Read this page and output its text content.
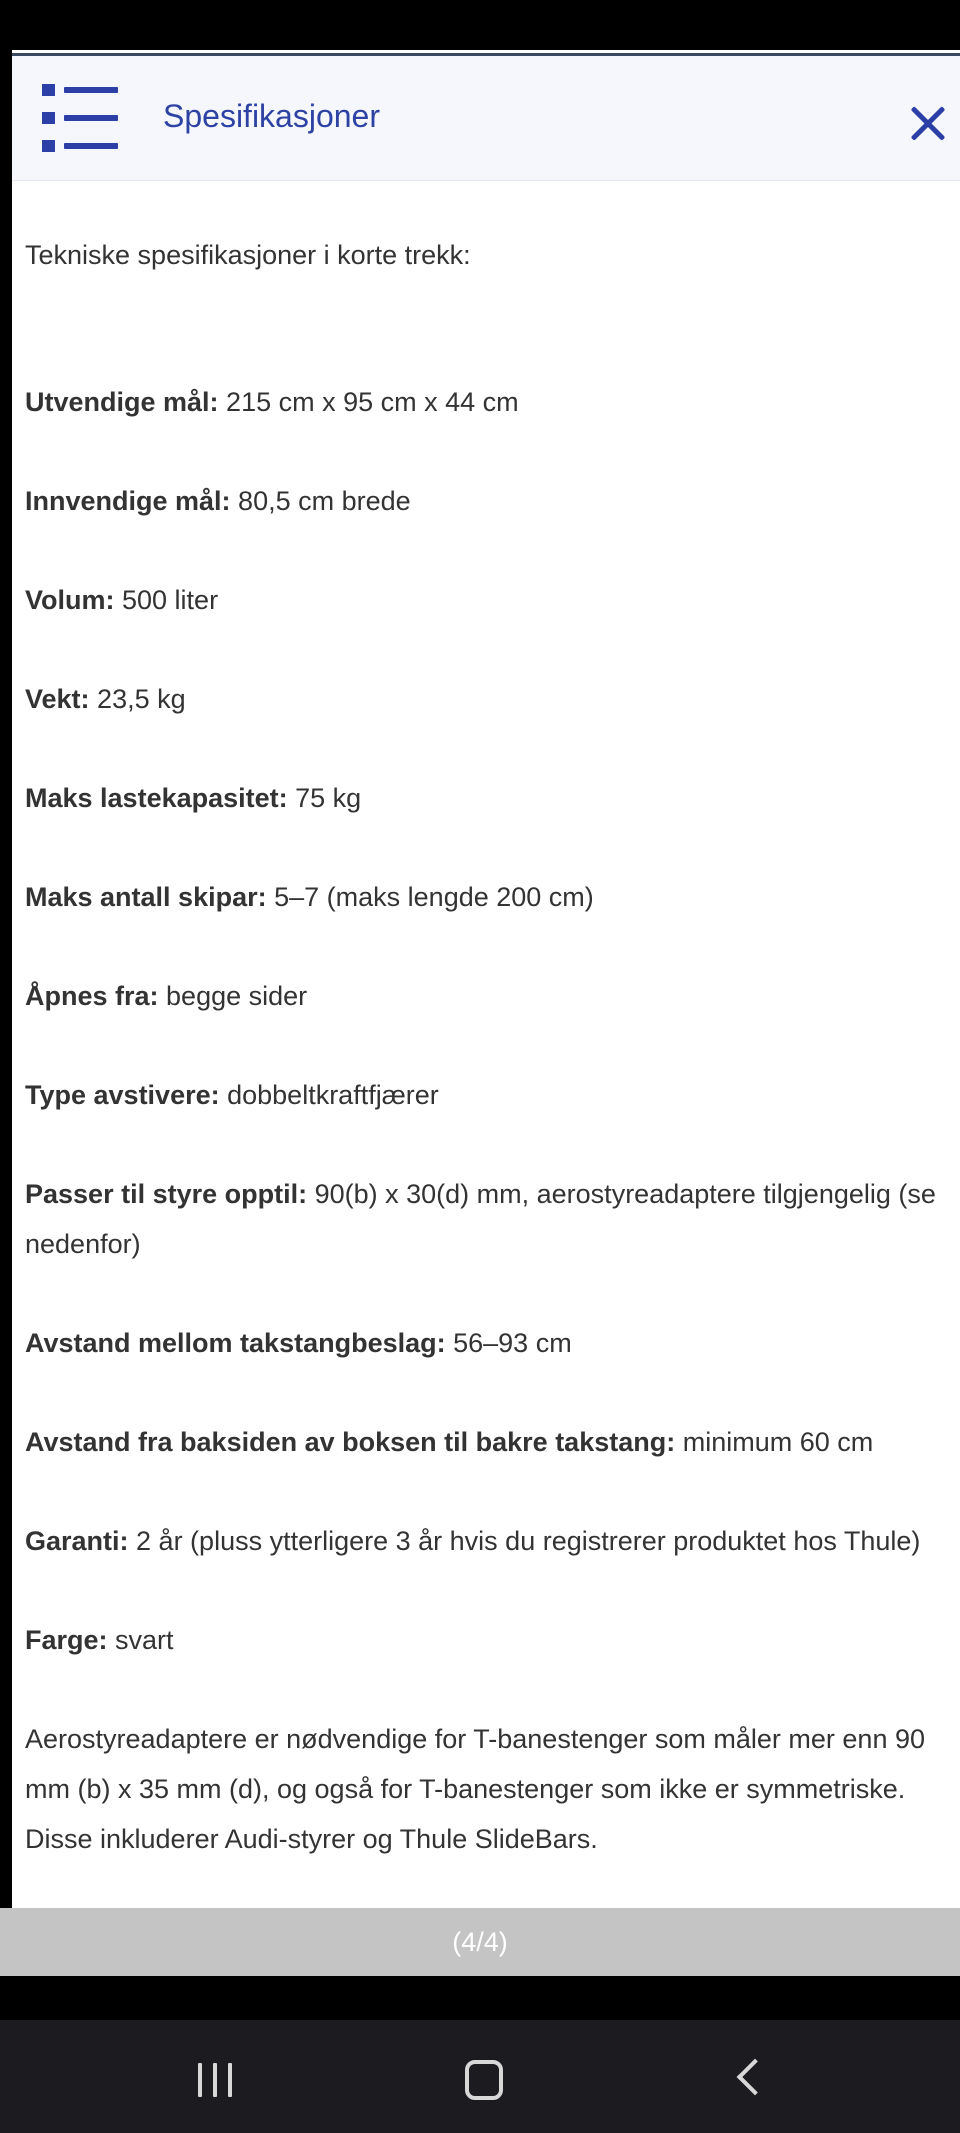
Spesifikasjoner

Tekniske spesifikasjoner i korte trekk:

Utvendige mål: 215 cm x 95 cm x 44 cm

Innvendige mål: 80,5 cm brede

Volum: 500 liter

Vekt: 23,5 kg

Maks lastekapasitet: 75 kg

Maks antall skipar: 5–7 (maks lengde 200 cm)

Åpnes fra: begge sider

Type avstivere: dobbeltkraftfjærer

Passer til styre opptil: 90(b) x 30(d) mm, aerostyreadaptere tilgjengelig (se nedenfor)

Avstand mellom takstangbeslag: 56–93 cm

Avstand fra baksiden av boksen til bakre takstang: minimum 60 cm

Garanti: 2 år (pluss ytterligere 3 år hvis du registrerer produktet hos Thule)

Farge: svart

Aerostyreadaptere er nødvendige for T-banestenger som måler mer enn 90 mm (b) x 35 mm (d), og også for T-banestenger som ikke er symmetriske. Disse inkluderer Audi-styrer og Thule SlideBars.

(4/4)
